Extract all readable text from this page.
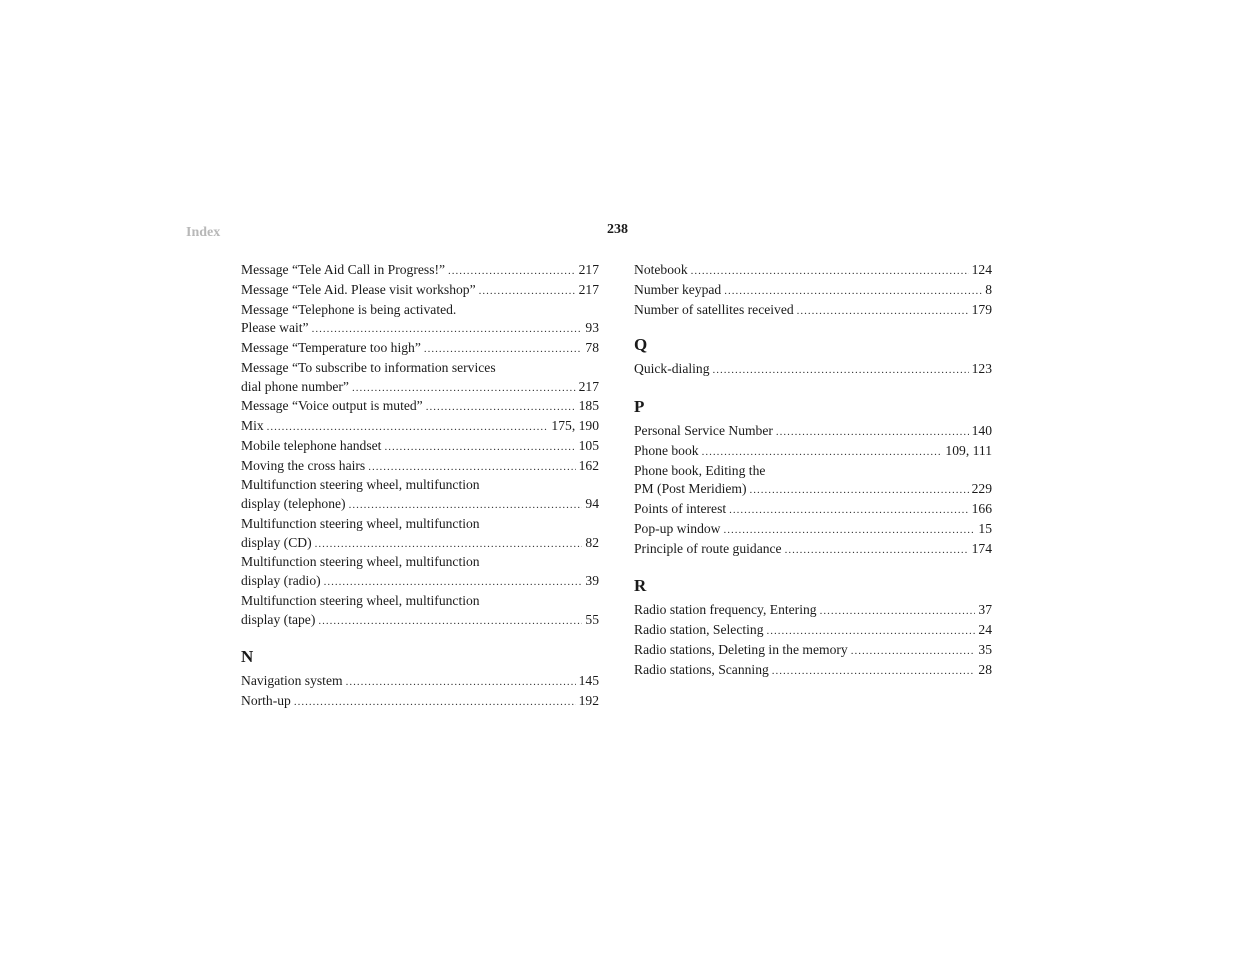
Index	238
Message “Tele Aid Call in Progress!” .....	217
Message “Tele Aid. Please visit workshop” .....	217
Message “Telephone is being activated.
Please wait” .....	93
Message “Temperature too high” .....	78
Message “To subscribe to information services
dial phone number” .....	217
Message “Voice output is muted” .....	185
Mix .....	175, 190
Mobile telephone handset .....	105
Moving the cross hairs .....	162
Multifunction steering wheel, multifunction
display (telephone) .....	94
Multifunction steering wheel, multifunction
display (CD) .....	82
Multifunction steering wheel, multifunction
display (radio) .....	39
Multifunction steering wheel, multifunction
display (tape) .....	55
N
Navigation system .....	145
North-up .....	192
Notebook .....	124
Number keypad .....	8
Number of satellites received .....	179
Q
Quick-dialing .....	123
P
Personal Service Number .....	140
Phone book .....	109, 111
Phone book, Editing the
PM (Post Meridiem) .....	229
Points of interest .....	166
Pop-up window .....	15
Principle of route guidance .....	174
R
Radio station frequency, Entering .....	37
Radio station, Selecting .....	24
Radio stations, Deleting in the memory .....	35
Radio stations, Scanning .....	28
